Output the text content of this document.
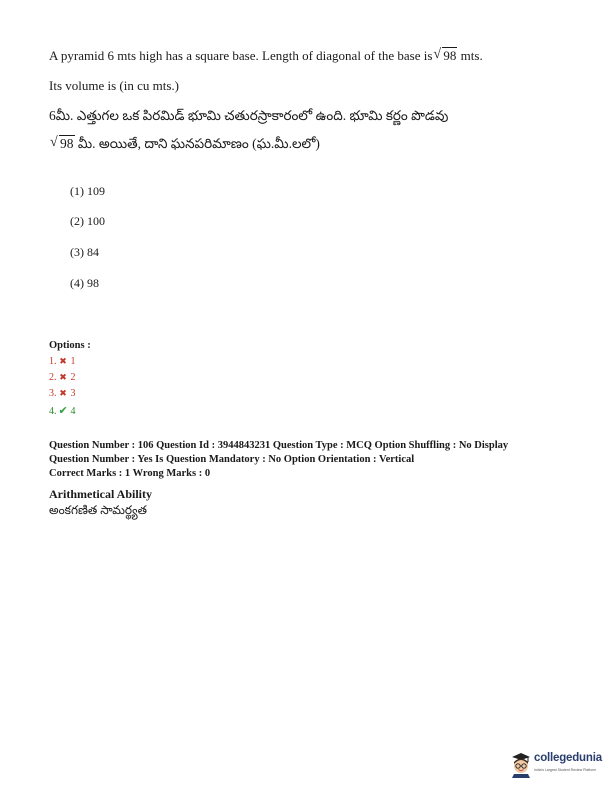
A pyramid 6 mts high has a square base. Length of diagonal of the base is√ 98 mts.
Its volume is (in cu mts.)
6మీ. ఎత్తుగల ఒక పిరమిడ్ భూమి చతురస్రాకారంలో ఉంది. భూమి కర్ణం పొడవు
√ 98 మీ. అయితే, దాని ఘనపరిమాణం (ఘ.మీ.లలో)
(1) 109
(2) 100
(3) 84
(4) 98
Options :
1. ✖ 1
2. ✖ 2
3. ✖ 3
4. ✔ 4
Question Number : 106 Question Id : 3944843231 Question Type : MCQ Option Shuffling : No Display
Question Number : Yes Is Question Mandatory : No Option Orientation : Vertical
Correct Marks : 1 Wrong Marks : 0
Arithmetical Ability
అంకగణిత సామర్థ్యత
collegedunia
India's Largest Student Review Platform
